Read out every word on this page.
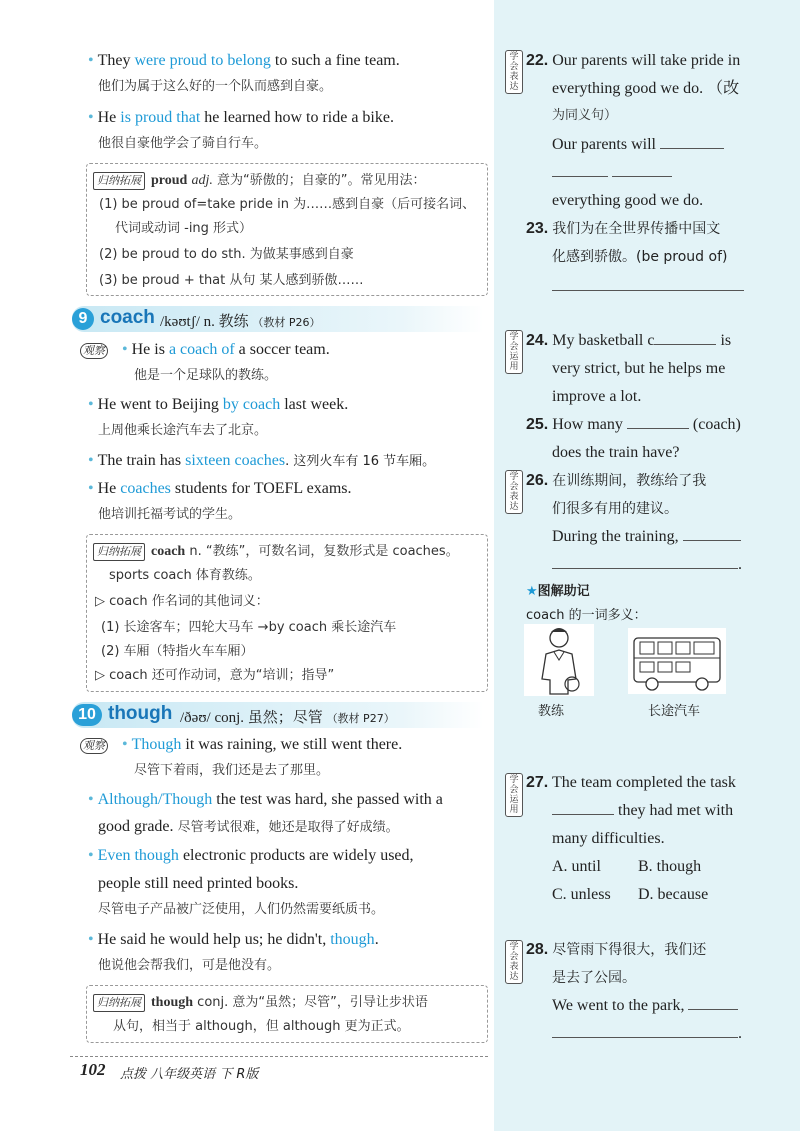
• They were proud to belong to such a fine team.
他们为属于这么好的一个队而感到自豪。
• He is proud that he learned how to ride a bike.
他很自豪他学会了骑自行车。
归纳拓展 proud adj. 意为“骄傲的；自豪的”。常见用法：
(1) be proud of=take pride in 为……感到自豪（后可接名词、
代词或动词 -ing 形式）
(2) be proud to do sth. 为做某事感到自豪
(3) be proud + that 从句 某人感到骄傲……
9 coach /kəʊtʃ/ n. 教练 （教材 P26）
观察 • He is a coach of a soccer team.
他是一个足球队的教练。
• He went to Beijing by coach last week.
上周他乘长途汽车去了北京。
• The train has sixteen coaches. 这列火车有 16 节车厢。
• He coaches students for TOEFL exams.
他培训托福考试的学生。
归纳拓展 coach n. “教练”，可数名词，复数形式是 coaches。
sports coach 体育教练。
▷ coach 作名词的其他词义：
(1) 长途客车；四轮大马车 →by coach 乘长途汽车
(2) 车厢（特指火车车厢）
▷ coach 还可作动词，意为“培训；指导”
10 though /ðəʊ/ conj. 虽然；尽管 （教材 P27）
观察 • Though it was raining, we still went there.
尽管下着雨，我们还是去了那里。
• Although/Though the test was hard, she passed with a
good grade. 尽管考试很难，她还是取得了好成绩。
• Even though electronic products are widely used,
people still need printed books.
尽管电子产品被广泛使用，人们仍然需要纸质书。
• He said he would help us; he didn't, though.
他说他会帮我们，可是他没有。
归纳拓展 though conj. 意为“虽然；尽管”，引导让步状语
从句，相当于 although，但 although 更为正式。
102 点拨 八年级英语 下 R版
学会表达
22. Our parents will take pride in
everything good we do. （改
为同义句）
Our parents will

everything good we do.
23. 我们为在全世界传播中国文
化感到骄傲。(be proud of)
学会运用
24. My basketball c	is
very strict, but he helps me
improve a lot.
25. How many	(coach)
does the train have?
学会表达
26. 在训练期间，教练给了我
们很多有用的建议。
During the training,
.
★图解助记
coach 的一词多义：
教练	长途汽车
学会运用
27. The team completed the task
they had met with
many difficulties.
A. until B. though
C. unless D. because
学会表达
28. 尽管雨下得很大，我们还
是去了公园。
We went to the park,
.
